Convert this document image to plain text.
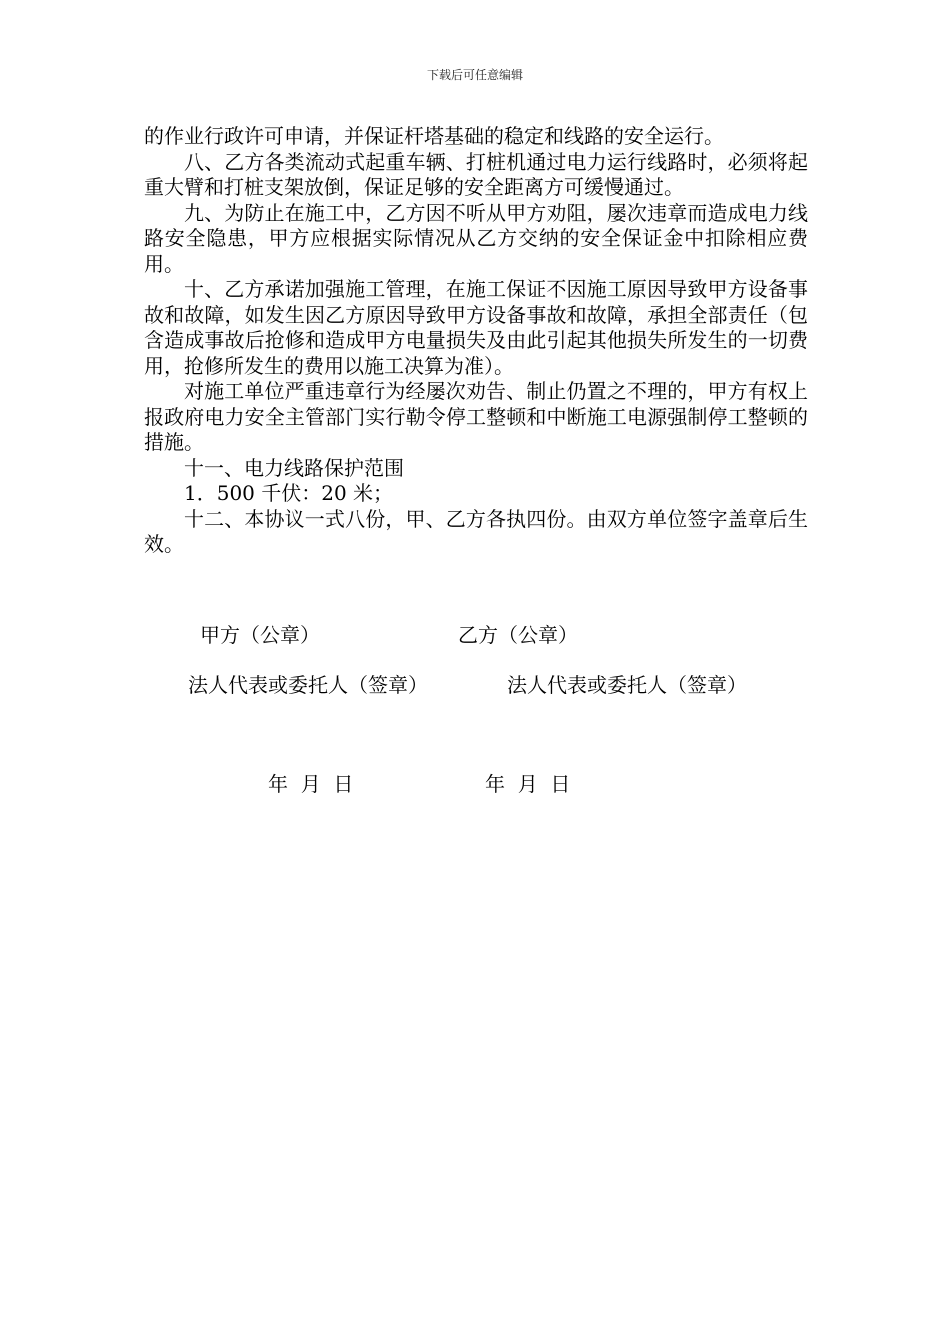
下载后可任意编辑

的作业行政许可申请，并保证杆塔基础的稳定和线路的安全运行。

八、乙方各类流动式起重车辆、打桩机通过电力运行线路时，必须将起重大臂和打桩支架放倒，保证足够的安全距离方可缓慢通过。

九、为防止在施工中，乙方因不听从甲方劝阻，屡次违章而造成电力线路安全隐患，甲方应根据实际情况从乙方交纳的安全保证金中扣除相应费用。

十、乙方承诺加强施工管理，在施工保证不因施工原因导致甲方设备事故和故障，如发生因乙方原因导致甲方设备事故和故障，承担全部责任（包含造成事故后抢修和造成甲方电量损失及由此引起其他损失所发生的一切费用，抢修所发生的费用以施工决算为准）。

对施工单位严重违章行为经屡次劝告、制止仍置之不理的，甲方有权上报政府电力安全主管部门实行勒令停工整顿和中断施工电源强制停工整顿的措施。

十一、电力线路保护范围

1．500 千伏：20 米；

十二、本协议一式八份，甲、乙方各执四份。由双方单位签字盖章后生效。

甲方（公章）	乙方（公章）
法人代表或委托人（签章）	法人代表或委托人（签章）
年  月  日	年  月  日
